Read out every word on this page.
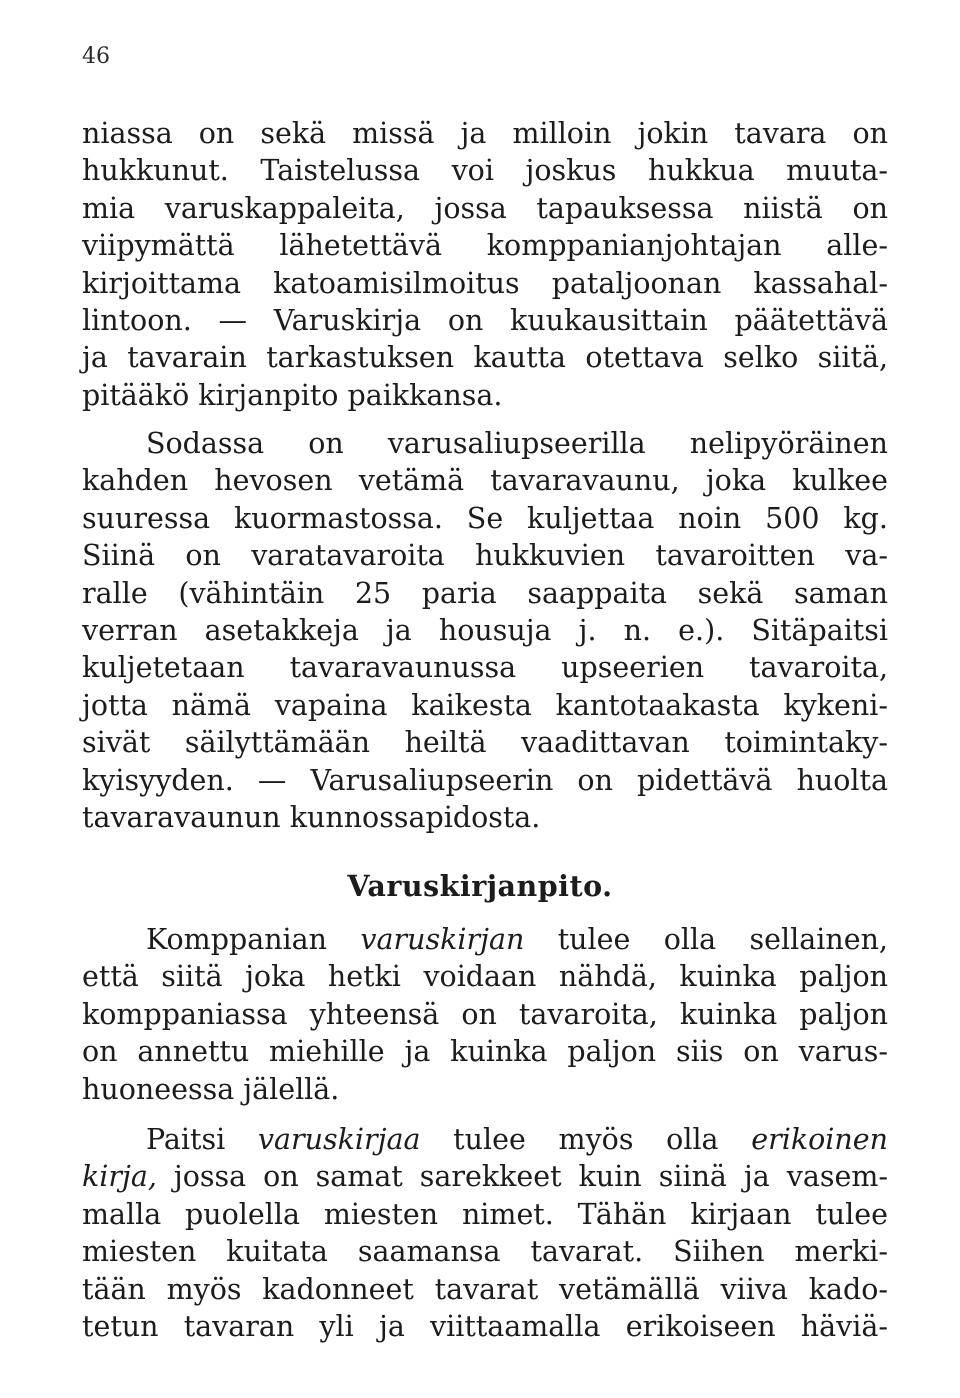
46
niassa on sekä missä ja milloin jokin tavara on
hukkunut. Taistelussa voi joskus hukkua muuta-
mia varuskappaleita, jossa tapauksessa niistä on
viipymättä lähetettävä komppanianjohtajan alle-
kirjoittama katoamisilmoitus pataljoonan kassahal-
lintoon. — Varuskirja on kuukausittain päätettävä
ja tavarain tarkastuksen kautta otettava selko siitä,
pitääkö kirjanpito paikkansa.
Sodassa on varusaliupseerilla nelipyöräinen
kahden hevosen vetämä tavaravaunu, joka kulkee
suuressa kuormastossa. Se kuljettaa noin 500 kg.
Siinä on varatavaroita hukkuvien tavaroitten va-
ralle (vähintäin 25 paria saappaita sekä saman
verran asetakkeja ja housuja j. n. e.). Sitäpaitsi
kuljetetaan tavaravaunussa upseerien tavaroita,
jotta nämä vapaina kaikesta kantotaakasta kykeni-
sivät säilyttämään heiltä vaadittavan toimintaky-
kyisyyden. — Varusaliupseerin on pidettävä huolta
tavaravaunun kunnossapidosta.
Varuskirjanpito.
Komppanian varuskirjan tulee olla sellainen,
että siitä joka hetki voidaan nähdä, kuinka paljon
komppaniassa yhteensä on tavaroita, kuinka paljon
on annettu miehille ja kuinka paljon siis on varus-
huoneessa jälellä.
Paitsi varuskirjaa tulee myös olla erikoinen
kirja, jossa on samat sarekkeet kuin siinä ja vasem-
malla puolella miesten nimet. Tähän kirjaan tulee
miesten kuitata saamansa tavarat. Siihen merki-
tään myös kadonneet tavarat vetämällä viiva kado-
tetun tavaran yli ja viittaamalla erikoiseen häviä-
